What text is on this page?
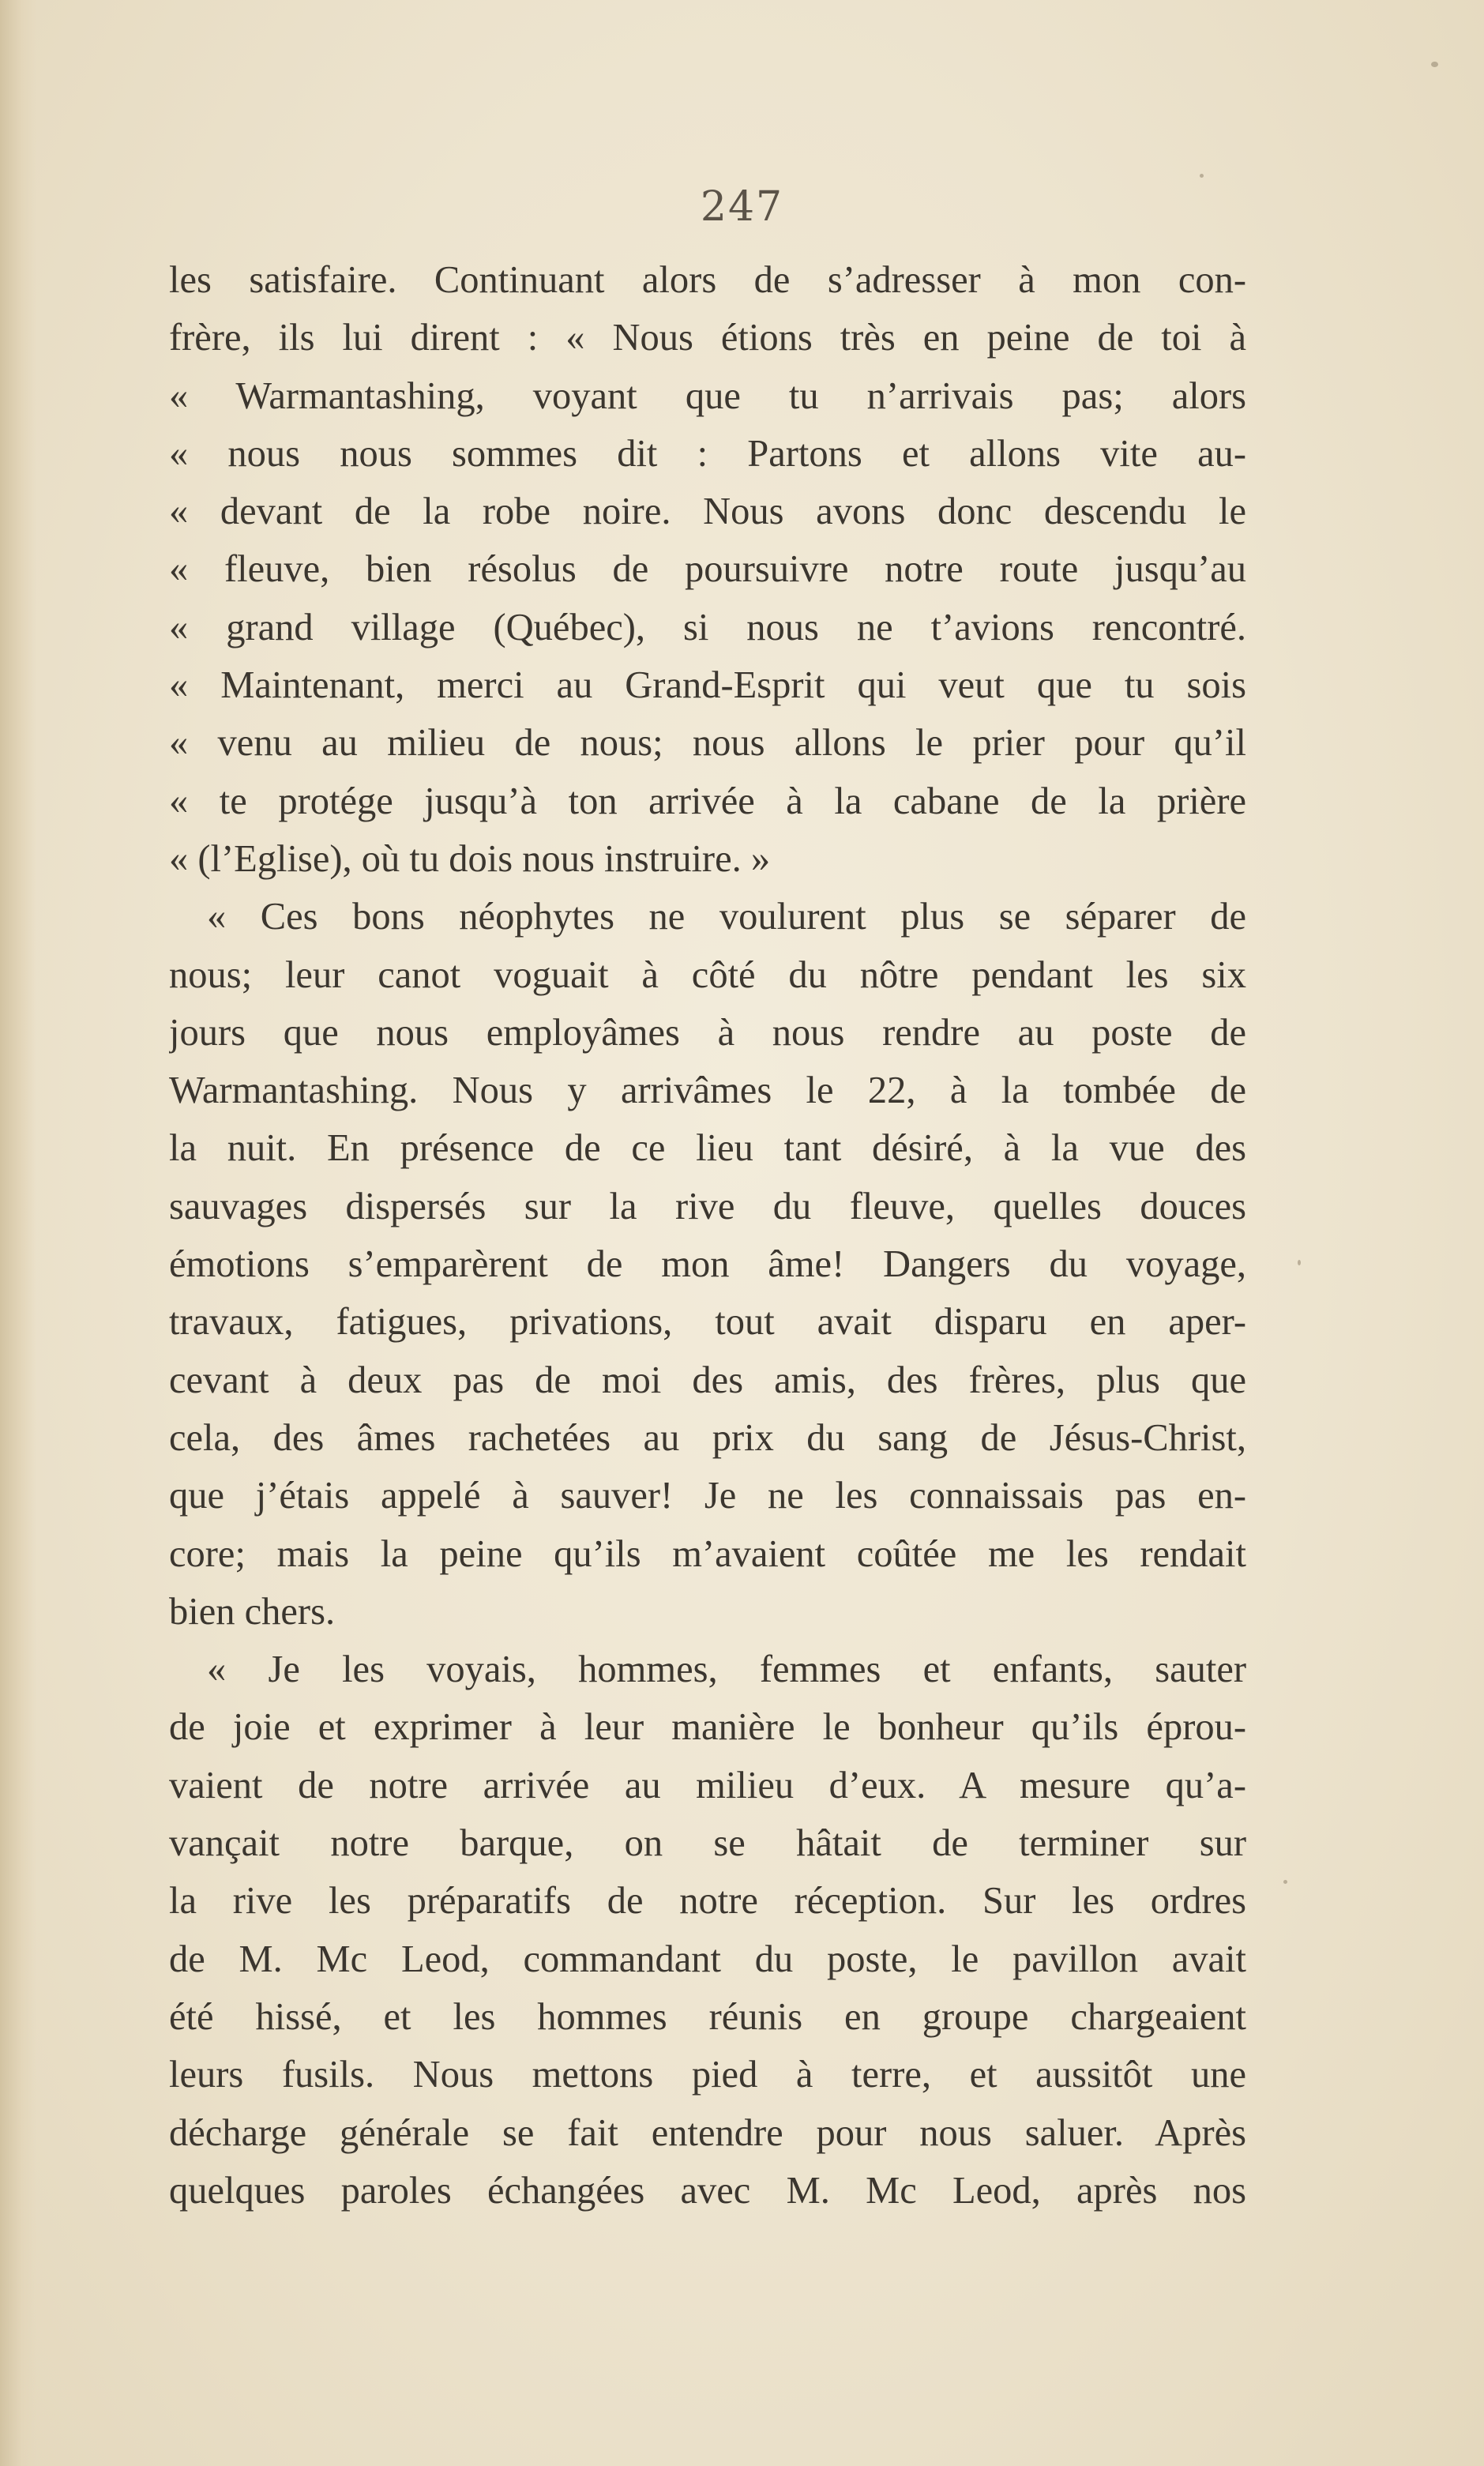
247
les satisfaire. Continuant alors de s’adresser à mon con-
frère, ils lui dirent : « Nous étions très en peine de toi à
« Warmantashing, voyant que tu n’arrivais pas; alors
« nous nous sommes dit : Partons et allons vite au-
« devant de la robe noire. Nous avons donc descendu le
« fleuve, bien résolus de poursuivre notre route jusqu’au
« grand village (Québec), si nous ne t’avions rencontré.
« Maintenant, merci au Grand-Esprit qui veut que tu sois
« venu au milieu de nous; nous allons le prier pour qu’il
« te protége jusqu’à ton arrivée à la cabane de la prière
« (l’Eglise), où tu dois nous instruire. »
« Ces bons néophytes ne voulurent plus se séparer de
nous; leur canot voguait à côté du nôtre pendant les six
jours que nous employâmes à nous rendre au poste de
Warmantashing. Nous y arrivâmes le 22, à la tombée de
la nuit. En présence de ce lieu tant désiré, à la vue des
sauvages dispersés sur la rive du fleuve, quelles douces
émotions s’emparèrent de mon âme! Dangers du voyage,
travaux, fatigues, privations, tout avait disparu en aper-
cevant à deux pas de moi des amis, des frères, plus que
cela, des âmes rachetées au prix du sang de Jésus-Christ,
que j’étais appelé à sauver! Je ne les connaissais pas en-
core; mais la peine qu’ils m’avaient coûtée me les rendait
bien chers.
« Je les voyais, hommes, femmes et enfants, sauter
de joie et exprimer à leur manière le bonheur qu’ils éprou-
vaient de notre arrivée au milieu d’eux. A mesure qu’a-
vançait notre barque, on se hâtait de terminer sur
la rive les préparatifs de notre réception. Sur les ordres
de M. Mc Leod, commandant du poste, le pavillon avait
été hissé, et les hommes réunis en groupe chargeaient
leurs fusils. Nous mettons pied à terre, et aussitôt une
décharge générale se fait entendre pour nous saluer. Après
quelques paroles échangées avec M. Mc Leod, après nos
